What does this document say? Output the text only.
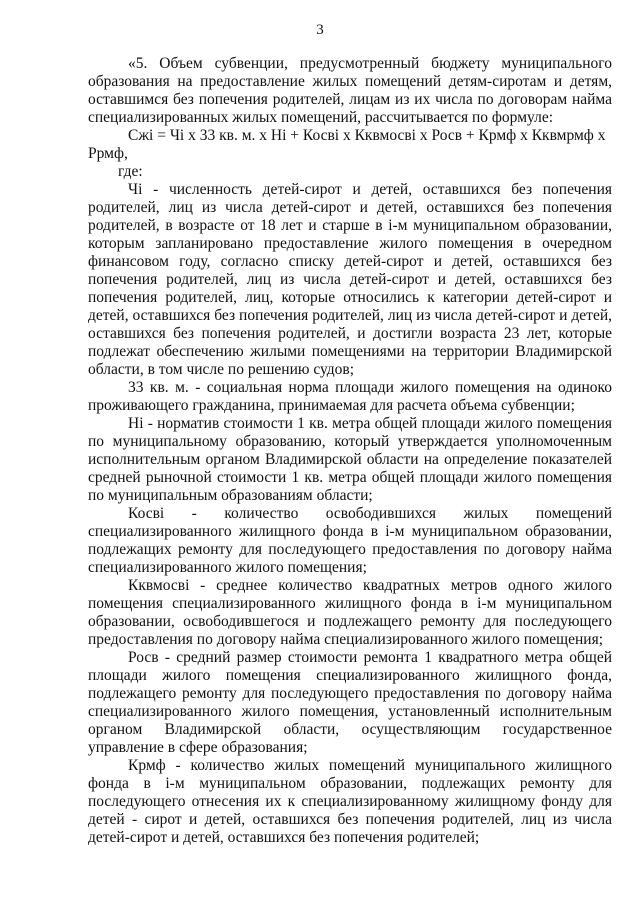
3

«5. Объем субвенции, предусмотренный бюджету муниципального образования на предоставление жилых помещений детям-сиротам и детям, оставшимся без попечения родителей, лицам из их числа по договорам найма специализированных жилых помещений, рассчитывается по формуле:

Сжі = Чі х 33 кв. м. х Ні + Косві х Кквмосві х Росв + Крмф х Кквмрмф х Ррмф,

где:

Чі - численность детей-сирот и детей, оставшихся без попечения родителей, лиц из числа детей-сирот и детей, оставшихся без попечения родителей, в возрасте от 18 лет и старше в і-м муниципальном образовании, которым запланировано предоставление жилого помещения в очередном финансовом году, согласно списку детей-сирот и детей, оставшихся без попечения родителей, лиц из числа детей-сирот и детей, оставшихся без попечения родителей, лиц, которые относились к категории детей-сирот и детей, оставшихся без попечения родителей, лиц из числа детей-сирот и детей, оставшихся без попечения родителей, и достигли возраста 23 лет, которые подлежат обеспечению жилыми помещениями на территории Владимирской области, в том числе по решению судов;

33 кв. м. - социальная норма площади жилого помещения на одиноко проживающего гражданина, принимаемая для расчета объема субвенции;

Ні - норматив стоимости 1 кв. метра общей площади жилого помещения по муниципальному образованию, который утверждается уполномоченным исполнительным органом Владимирской области на определение показателей средней рыночной стоимости 1 кв. метра общей площади жилого помещения по муниципальным образованиям области;

Косві - количество освободившихся жилых помещений специализированного жилищного фонда в і-м муниципальном образовании, подлежащих ремонту для последующего предоставления по договору найма специализированного жилого помещения;

Кквмосві - среднее количество квадратных метров одного жилого помещения специализированного жилищного фонда в і-м муниципальном образовании, освободившегося и подлежащего ремонту для последующего предоставления по договору найма специализированного жилого помещения;

Росв - средний размер стоимости ремонта 1 квадратного метра общей площади жилого помещения специализированного жилищного фонда, подлежащего ремонту для последующего предоставления по договору найма специализированного жилого помещения, установленный исполнительным органом Владимирской области, осуществляющим государственное управление в сфере образования;

Крмф - количество жилых помещений муниципального жилищного фонда в і-м муниципальном образовании, подлежащих ремонту для последующего отнесения их к специализированному жилищному фонду для детей - сирот и детей, оставшихся без попечения родителей, лиц из числа детей-сирот и детей, оставшихся без попечения родителей;
